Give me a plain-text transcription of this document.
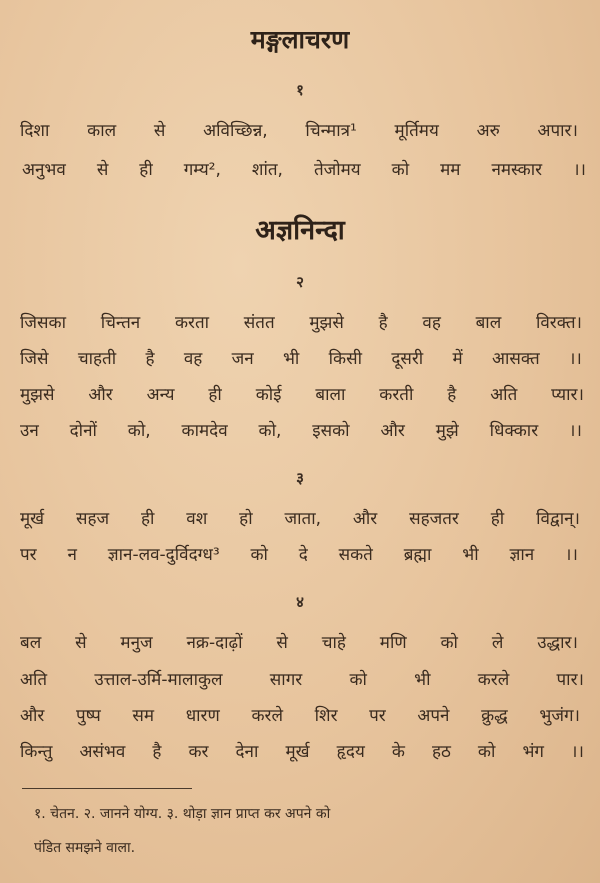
मङ्गलाचरण
१
दिशा काल से अविच्छिन्न, चिन्मात्र¹ मूर्तिमय अरु अपार।
अनुभव से ही गम्य², शांत, तेजोमय को मम नमस्कार ।।
अज्ञनिन्दा
२
जिसका चिन्तन करता संतत मुझसे है वह बाल विरक्त।
जिसे चाहती है वह जन भी किसी दूसरी में आसक्त ।।
मुझसे और अन्य ही कोई बाला करती है अति प्यार।
उन दोनों को, कामदेव को, इसको और मुझे धिक्कार ।।
३
मूर्ख सहज ही वश हो जाता, और सहजतर ही विद्वान्।
पर न ज्ञान-लव-दुर्विदग्ध³ को दे सकते ब्रह्मा भी ज्ञान ।।
४
बल से मनुज नक्र-दाढ़ों से चाहे मणि को ले उद्धार।
अति	उत्ताल-उर्मि-मालाकुल	सागर	को	भी	करले	पार।
और पुष्प सम धारण करले शिर पर अपने क्रुद्ध भुजंग।
किन्तु असंभव है कर देना मूर्ख हृदय के हठ को भंग ।।
१. चेतन. २. जानने योग्य. ३. थोड़ा ज्ञान प्राप्त कर अपने को
पंडित समझने वाला.
